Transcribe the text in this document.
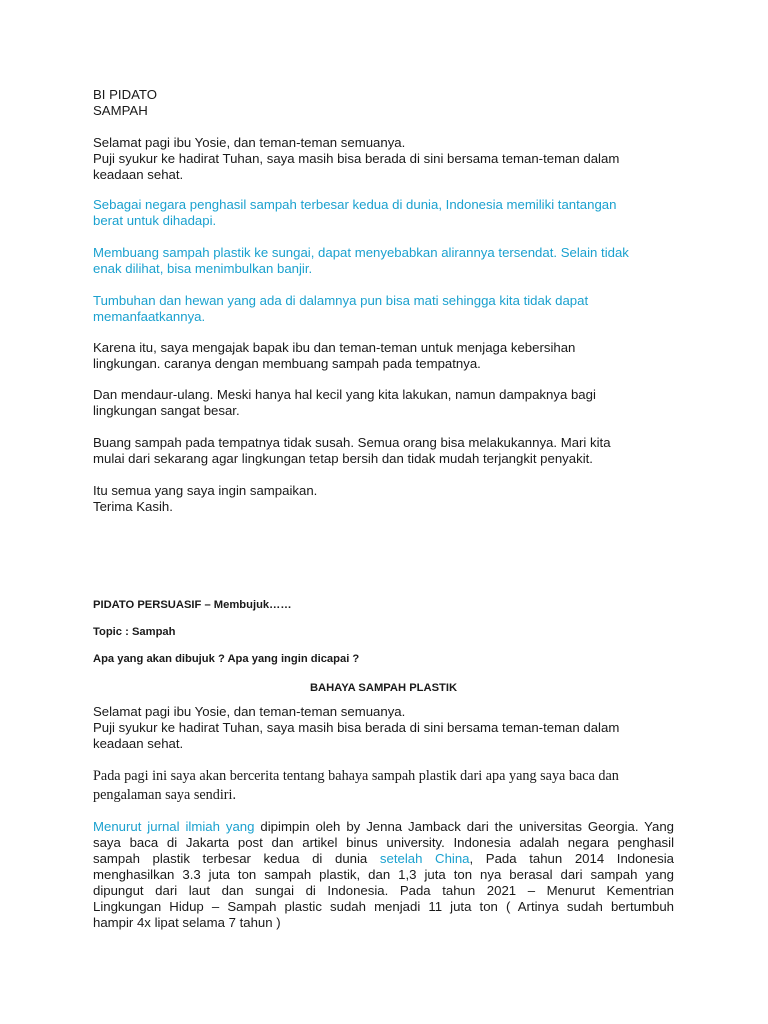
BI PIDATO
SAMPAH
Selamat pagi ibu Yosie, dan teman-teman semuanya.
Puji syukur ke hadirat Tuhan, saya masih bisa berada di sini bersama teman-teman dalam
keadaan sehat.
Sebagai negara penghasil sampah terbesar kedua di dunia, Indonesia memiliki tantangan
berat untuk dihadapi.
Membuang sampah plastik ke sungai, dapat menyebabkan alirannya tersendat. Selain tidak
enak dilihat, bisa menimbulkan banjir.
Tumbuhan dan hewan yang ada di dalamnya pun bisa mati sehingga kita tidak dapat
memanfaatkannya.
Karena itu, saya mengajak bapak ibu dan teman-teman untuk menjaga kebersihan
lingkungan. caranya dengan membuang sampah pada tempatnya.
Dan mendaur-ulang. Meski hanya hal kecil yang kita lakukan, namun dampaknya bagi
lingkungan sangat besar.
Buang sampah pada tempatnya tidak susah. Semua orang bisa melakukannya. Mari kita
mulai dari sekarang agar lingkungan tetap bersih dan tidak mudah terjangkit penyakit.
Itu semua yang saya ingin sampaikan.
Terima Kasih.
PIDATO PERSUASIF – Membujuk……
Topic : Sampah
Apa yang akan dibujuk ? Apa yang ingin dicapai ?
BAHAYA SAMPAH PLASTIK
Selamat pagi ibu Yosie, dan teman-teman semuanya.
Puji syukur ke hadirat Tuhan, saya masih bisa berada di sini bersama teman-teman dalam
keadaan sehat.
Pada pagi ini saya akan bercerita tentang bahaya sampah plastik dari apa yang saya baca dan
pengalaman saya sendiri.
Menurut jurnal ilmiah yang dipimpin oleh by Jenna Jamback dari the universitas Georgia. Yang
saya baca di Jakarta post dan artikel binus university. Indonesia adalah negara penghasil
sampah plastik terbesar kedua di dunia setelah China, Pada tahun 2014 Indonesia
menghasilkan 3.3 juta ton sampah plastik, dan 1,3 juta ton nya berasal dari sampah yang
dipungut dari laut dan sungai di Indonesia. Pada tahun 2021 – Menurut Kementrian
Lingkungan Hidup – Sampah plastic sudah menjadi 11 juta ton ( Artinya sudah bertumbuh
hampir 4x lipat selama 7 tahun )
